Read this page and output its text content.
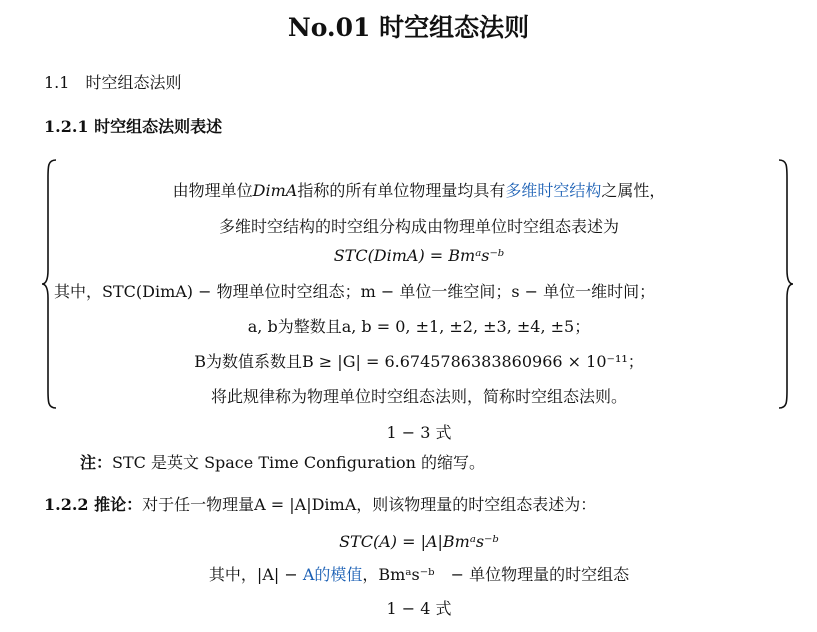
No.01 时空组态法则
1.1　时空组态法则
1.2.1 时空组态法则表述
由物理单位DimA指称的所有单位物理量均具有多维时空结构之属性，
多维时空结构的时空组分构成由物理单位时空组态表述为
STC(DimA) = Bmᵃs⁻ᵇ
其中，STC(DimA) − 物理单位时空组态；m − 单位一维空间；s − 单位一维时间；
a, b为整数且a, b = 0, ±1, ±2, ±3, ±4, ±5；
B为数值系数且B ≥ |G| = 6.6745786383860966 × 10⁻¹¹；
将此规律称为物理单位时空组态法则，简称时空组态法则。
1 − 3 式
注：STC 是英文 Space Time Configuration 的缩写。
1.2.2 推论：对于任一物理量A = |A|DimA，则该物理量的时空组态表述为：
STC(A) = |A|Bmᵃs⁻ᵇ
其中，|A| − A的模值，Bmᵃs⁻ᵇ　− 单位物理量的时空组态
1 − 4 式
